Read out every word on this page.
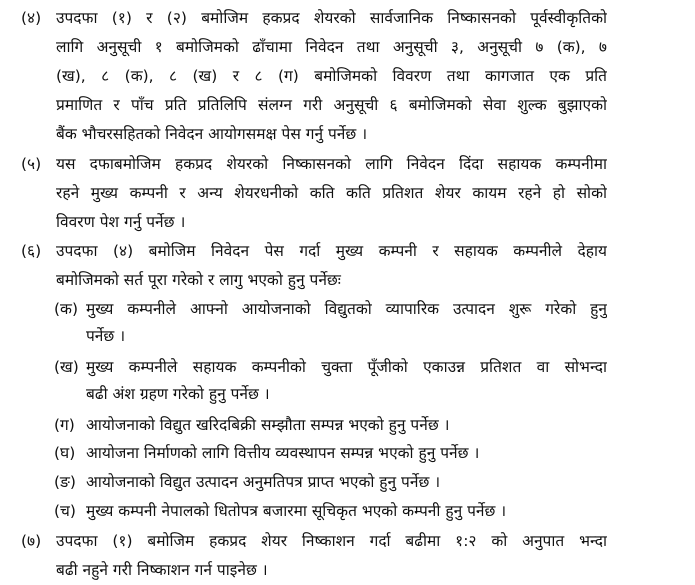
(४) उपदफा (१) र (२) बमोजिम हकप्रद शेयरको सार्वजानिक निष्कासनको पूर्वस्वीकृतिको
लागि अनुसूची १ बमोजिमको ढाँचामा निवेदन तथा अनुसूची ३, अनुसूची ७ (क), ७
(ख), ८ (क), ८ (ख) र ८ (ग) बमोजिमको विवरण तथा कागजात एक प्रति
प्रमाणित र पाँच प्रति प्रतिलिपि संलग्न गरी अनुसूची ६ बमोजिमको सेवा शुल्क बुझाएको
बैंक भौचरसहितको निवेदन आयोगसमक्ष पेस गर्नु पर्नेछ ।
(५) यस दफाबमोजिम हकप्रद शेयरको निष्कासनको लागि निवेदन दिंदा सहायक कम्पनीमा
रहने मुख्य कम्पनी र अन्य शेयरधनीको कति कति प्रतिशत शेयर कायम रहने हो सोको
विवरण पेश गर्नु पर्नेछ ।
(६) उपदफा (४) बमोजिम निवेदन पेस गर्दा मुख्य कम्पनी र सहायक कम्पनीले देहाय
बमोजिमको सर्त पूरा गरेको र लागु भएको हुनु पर्नेछः
(क) मुख्य कम्पनीले आफ्नो आयोजनाको विद्युतको व्यापारिक उत्पादन शुरू गरेको हुनु
पर्नेछ ।
(ख) मुख्य कम्पनीले सहायक कम्पनीको चुक्ता पूँजीको एकाउन्न प्रतिशत वा सोभन्दा
बढी अंश ग्रहण गरेको हुनु पर्नेछ ।
(ग) आयोजनाको विद्युत खरिदबिक्री सम्झौता सम्पन्न भएको हुनु पर्नेछ ।
(घ) आयोजना निर्माणको लागि वित्तीय व्यवस्थापन सम्पन्न भएको हुनु पर्नेछ ।
(ङ) आयोजनाको विद्युत उत्पादन अनुमतिपत्र प्राप्त भएको हुनु पर्नेछ ।
(च) मुख्य कम्पनी नेपालको धितोपत्र बजारमा सूचिकृत भएको कम्पनी हुनु पर्नेछ ।
(७) उपदफा (१) बमोजिम हकप्रद शेयर निष्काशन गर्दा बढीमा १:२ को अनुपात भन्दा
बढी नहुने गरी निष्काशन गर्न पाइनेछ ।
